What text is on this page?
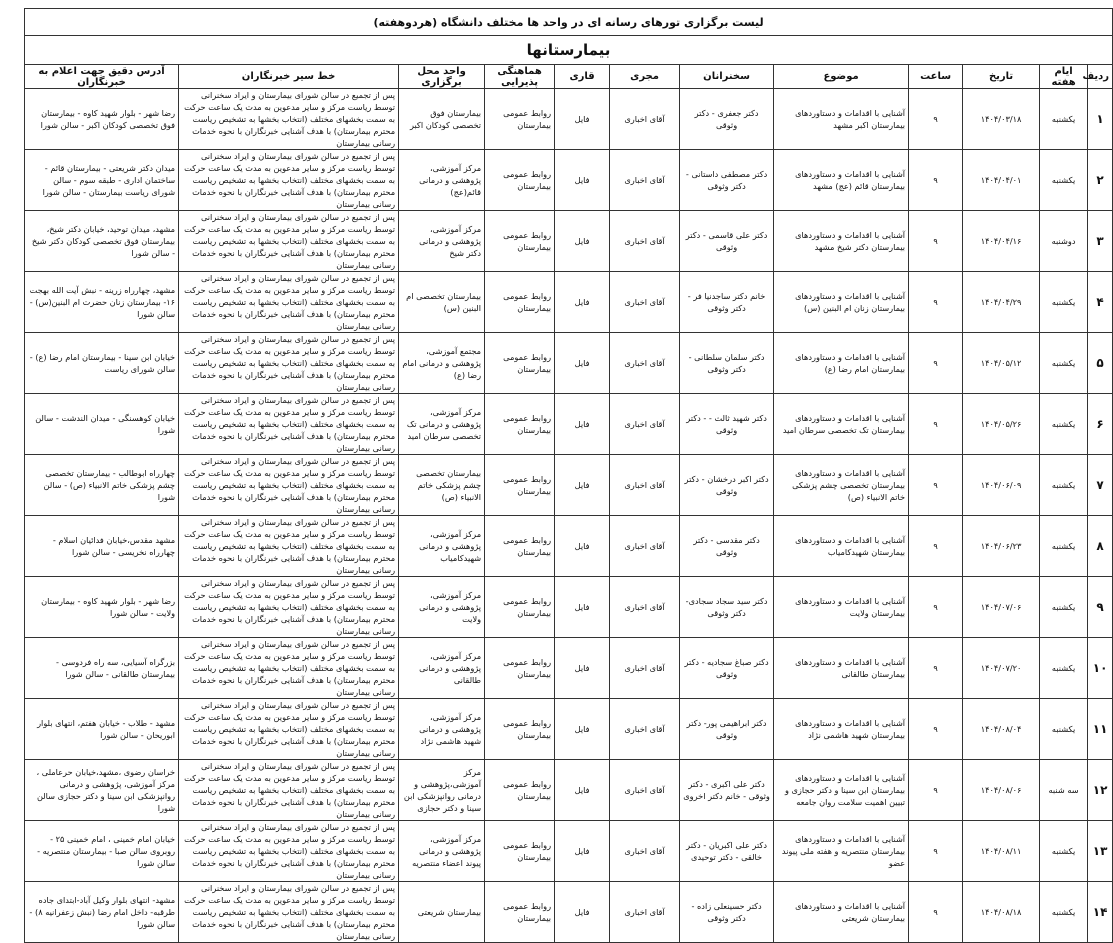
لیست برگزاری تورهای رسانه ای در واحد ها مختلف دانشگاه (هردوهفته)											
بیمارستانها											
ردیف	ایام هفته	تاریخ	ساعت	موضوع	سخنرانان	مجری	قاری	هماهنگی پذیرایی	واحد محل برگزاری	خط سیر خبرنگاران	آدرس دقیق جهت اعلام به خبرنگاران
۱	یکشنبه	۱۴۰۴/۰۳/۱۸	۹	آشنایی با اقدامات و دستاوردهای بیمارستان اکبر مشهد	دکتر جعفری - دکتر وثوقی	آقای اخباری	فایل	روابط عمومی بیمارستان	بیمارستان فوق تخصصی کودکان اکبر	پس از تجمیع در سالن شورای بیمارستان و ایراد سخنرانی توسط ریاست مرکز و سایر مدعوین به مدت یک ساعت حرکت به سمت بخشهای مختلف (انتخاب بخشها به تشخیص ریاست محترم بیمارستان) با هدف آشنایی خبرنگاران با نحوه خدمات رسانی بیمارستان	رضا شهر - بلوار شهید کاوه - بیمارستان فوق تخصصی کودکان اکبر - سالن شورا
۲	یکشنبه	۱۴۰۴/۰۴/۰۱	۹	آشنایی با اقدامات و دستاوردهای بیمارستان قائم (عج) مشهد	دکتر مصطفی داستانی - دکتر وثوقی	آقای اخباری	فایل	روابط عمومی بیمارستان	مرکز آموزشی، پژوهشی و درمانی قائم(عج)	پس از تجمیع در سالن شورای بیمارستان و ایراد سخنرانی توسط ریاست مرکز و سایر مدعوین به مدت یک ساعت حرکت به سمت بخشهای مختلف (انتخاب بخشها به تشخیص ریاست محترم بیمارستان) با هدف آشنایی خبرنگاران با نحوه خدمات رسانی بیمارستان	میدان دکتر شریعتی - بیمارستان قائم - ساختمان اداری - طبقه سوم - سالن شورای ریاست بیمارستان - سالن شورا
۳	دوشنبه	۱۴۰۴/۰۴/۱۶	۹	آشنایی با اقدامات و دستاوردهای بیمارستان دکتر شیخ مشهد	دکتر علی قاسمی - دکتر وثوقی	آقای اخباری	فایل	روابط عمومی بیمارستان	مرکز آموزشی، پژوهشی و درمانی دکتر شیخ	پس از تجمیع در سالن شورای بیمارستان و ایراد سخنرانی توسط ریاست مرکز و سایر مدعوین به مدت یک ساعت حرکت به سمت بخشهای مختلف (انتخاب بخشها به تشخیص ریاست محترم بیمارستان) با هدف آشنایی خبرنگاران با نحوه خدمات رسانی بیمارستان	مشهد، میدان توحید، خیابان دکتر شیخ، بیمارستان فوق تخصصی کودکان دکتر شیخ - سالن شورا
۴	یکشنبه	۱۴۰۴/۰۴/۲۹	۹	آشنایی با اقدامات و دستاوردهای بیمارستان زنان ام البنین (س)	خانم دکتر ساجدنیا فر - دکتر وثوقی	آقای اخباری	فایل	روابط عمومی بیمارستان	بیمارستان تخصصی ام البنین (س)	پس از تجمیع در سالن شورای بیمارستان و ایراد سخنرانی توسط ریاست مرکز و سایر مدعوین به مدت یک ساعت حرکت به سمت بخشهای مختلف (انتخاب بخشها به تشخیص ریاست محترم بیمارستان) با هدف آشنایی خبرنگاران با نحوه خدمات رسانی بیمارستان	مشهد، چهارراه زرینه - نبش آیت الله بهجت ۱۶- بیمارستان زنان حضرت ام البنین(س) - سالن شورا
۵	یکشنبه	۱۴۰۴/۰۵/۱۲	۹	آشنایی با اقدامات و دستاوردهای بیمارستان امام رضا (ع)	دکتر سلمان سلطانی - دکتر وثوقی	آقای اخباری	فایل	روابط عمومی بیمارستان	مجتمع آموزشی، پژوهشی و درمانی امام رضا (ع)	پس از تجمیع در سالن شورای بیمارستان و ایراد سخنرانی توسط ریاست مرکز و سایر مدعوین به مدت یک ساعت حرکت به سمت بخشهای مختلف (انتخاب بخشها به تشخیص ریاست محترم بیمارستان) با هدف آشنایی خبرنگاران با نحوه خدمات رسانی بیمارستان	خیابان ابن سینا - بیمارستان امام رضا (ع) - سالن شورای ریاست
۶	یکشنبه	۱۴۰۴/۰۵/۲۶	۹	آشنایی با اقدامات و دستاوردهای بیمارستان تک تخصصی سرطان امید	دکتر شهید ثالث - - دکتر وثوقی	آقای اخباری	فایل	روابط عمومی بیمارستان	مرکز آموزشی، پژوهشی و درمانی تک تخصصی سرطان امید	پس از تجمیع در سالن شورای بیمارستان و ایراد سخنرانی توسط ریاست مرکز و سایر مدعوین به مدت یک ساعت حرکت به سمت بخشهای مختلف (انتخاب بخشها به تشخیص ریاست محترم بیمارستان) با هدف آشنایی خبرنگاران با نحوه خدمات رسانی بیمارستان	خیابان کوهسنگی - میدان الندشت - سالن شورا
۷	یکشنبه	۱۴۰۴/۰۶/۰۹	۹	آشنایی با اقدامات و دستاوردهای بیمارستان تخصصی چشم پزشکی خاتم الانبیاء (ص)	دکتر اکبر درخشان - دکتر وثوقی	آقای اخباری	فایل	روابط عمومی بیمارستان	بیمارستان تخصصی چشم پزشکی خاتم الانبیاء (ص)	پس از تجمیع در سالن شورای بیمارستان و ایراد سخنرانی توسط ریاست مرکز و سایر مدعوین به مدت یک ساعت حرکت به سمت بخشهای مختلف (انتخاب بخشها به تشخیص ریاست محترم بیمارستان) با هدف آشنایی خبرنگاران با نحوه خدمات رسانی بیمارستان	چهارراه ابوطالب - بیمارستان تخصصی چشم پزشکی خاتم الانبیاء (ص) - سالن شورا
۸	یکشنبه	۱۴۰۴/۰۶/۲۳	۹	آشنایی با اقدامات و دستاوردهای بیمارستان شهیدکامیاب	دکتر مقدسی - دکتر وثوقی	آقای اخباری	فایل	روابط عمومی بیمارستان	مرکز آموزشی، پژوهشی و درمانی شهیدکامیاب	پس از تجمیع در سالن شورای بیمارستان و ایراد سخنرانی توسط ریاست مرکز و سایر مدعوین به مدت یک ساعت حرکت به سمت بخشهای مختلف (انتخاب بخشها به تشخیص ریاست محترم بیمارستان) با هدف آشنایی خبرنگاران با نحوه خدمات رسانی بیمارستان	مشهد مقدس،خیابان فدائیان اسلام - چهارراه نخریسی - سالن شورا
۹	یکشنبه	۱۴۰۴/۰۷/۰۶	۹	آشنایی با اقدامات و دستاوردهای بیمارستان ولایت	دکتر سید سجاد سجادی- دکتر وثوقی	آقای اخباری	فایل	روابط عمومی بیمارستان	مرکز آموزشی، پژوهشی و درمانی ولایت	پس از تجمیع در سالن شورای بیمارستان و ایراد سخنرانی توسط ریاست مرکز و سایر مدعوین به مدت یک ساعت حرکت به سمت بخشهای مختلف (انتخاب بخشها به تشخیص ریاست محترم بیمارستان) با هدف آشنایی خبرنگاران با نحوه خدمات رسانی بیمارستان	رضا شهر - بلوار شهید کاوه - بیمارستان ولایت - سالن شورا
۱۰	یکشنبه	۱۴۰۴/۰۷/۲۰	۹	آشنایی با اقدامات و دستاوردهای بیمارستان طالقانی	دکتر صباغ سجادیه - دکتر وثوقی	آقای اخباری	فایل	روابط عمومی بیمارستان	مرکز آموزشی، پژوهشی و درمانی طالقانی	پس از تجمیع در سالن شورای بیمارستان و ایراد سخنرانی توسط ریاست مرکز و سایر مدعوین به مدت یک ساعت حرکت به سمت بخشهای مختلف (انتخاب بخشها به تشخیص ریاست محترم بیمارستان) با هدف آشنایی خبرنگاران با نحوه خدمات رسانی بیمارستان	بزرگراه آسیایی، سه راه فردوسی - بیمارستان طالقانی - سالن شورا
۱۱	یکشنبه	۱۴۰۴/۰۸/۰۴	۹	آشنایی با اقدامات و دستاوردهای بیمارستان شهید هاشمی نژاد	دکتر ابراهیمی پور- دکتر وثوقی	آقای اخباری	فایل	روابط عمومی بیمارستان	مرکز آموزشی، پژوهشی و درمانی شهید هاشمی نژاد	پس از تجمیع در سالن شورای بیمارستان و ایراد سخنرانی توسط ریاست مرکز و سایر مدعوین به مدت یک ساعت حرکت به سمت بخشهای مختلف (انتخاب بخشها به تشخیص ریاست محترم بیمارستان) با هدف آشنایی خبرنگاران با نحوه خدمات رسانی بیمارستان	مشهد - طلاب - خیابان هفتم، انتهای بلوار ابوریحان - سالن شورا
۱۲	سه شنبه	۱۴۰۴/۰۸/۰۶	۹	آشنایی با اقدامات و دستاوردهای بیمارستان ابن سینا و دکتر حجازی و تبیین اهمیت سلامت روان جامعه	دکتر علی اکبری - دکتر وثوقی - خانم دکتر اخروی	آقای اخباری	فایل	روابط عمومی بیمارستان	مرکز آموزشی،پژوهشی و درمانی روانپزشکی ابن سینا و دکتر حجازی	پس از تجمیع در سالن شورای بیمارستان و ایراد سخنرانی توسط ریاست مرکز و سایر مدعوین به مدت یک ساعت حرکت به سمت بخشهای مختلف (انتخاب بخشها به تشخیص ریاست محترم بیمارستان) با هدف آشنایی خبرنگاران با نحوه خدمات رسانی بیمارستان	خراسان رضوی ،مشهد،خیابان حرعاملی ، مرکز آموزشی، پژوهشی و درمانی روانپزشکی ابن سینا و دکتر حجازی سالن شورا
۱۳	یکشنبه	۱۴۰۴/۰۸/۱۱	۹	آشنایی با اقدامات و دستاوردهای بیمارستان منتصریه و هفته ملی پیوند عضو	دکتر علی اکبریان - دکتر خالقی - دکتر توحیدی	آقای اخباری	فایل	روابط عمومی بیمارستان	مرکز آموزشی، پژوهشی و درمانی پیوند اعضاء منتصریه	پس از تجمیع در سالن شورای بیمارستان و ایراد سخنرانی توسط ریاست مرکز و سایر مدعوین به مدت یک ساعت حرکت به سمت بخشهای مختلف (انتخاب بخشها به تشخیص ریاست محترم بیمارستان) با هدف آشنایی خبرنگاران با نحوه خدمات رسانی بیمارستان	خیابان امام خمینی ، امام خمینی ۲۵ - روبروی سالن صبا - بیمارستان منتصریه - سالن شورا
۱۴	یکشنبه	۱۴۰۴/۰۸/۱۸	۹	آشنایی با اقدامات و دستاوردهای بیمارستان شریعتی	دکتر حسینعلی زاده - دکتر وثوقی	آقای اخباری	فایل	روابط عمومی بیمارستان	بیمارستان شریعتی	پس از تجمیع در سالن شورای بیمارستان و ایراد سخنرانی توسط ریاست مرکز و سایر مدعوین به مدت یک ساعت حرکت به سمت بخشهای مختلف (انتخاب بخشها به تشخیص ریاست محترم بیمارستان) با هدف آشنایی خبرنگاران با نحوه خدمات رسانی بیمارستان	مشهد- انتهای بلوار وکیل آباد-ابتدای جاده طرقبه- داخل امام رضا (نبش زعفرانیه ۸) - سالن شورا
